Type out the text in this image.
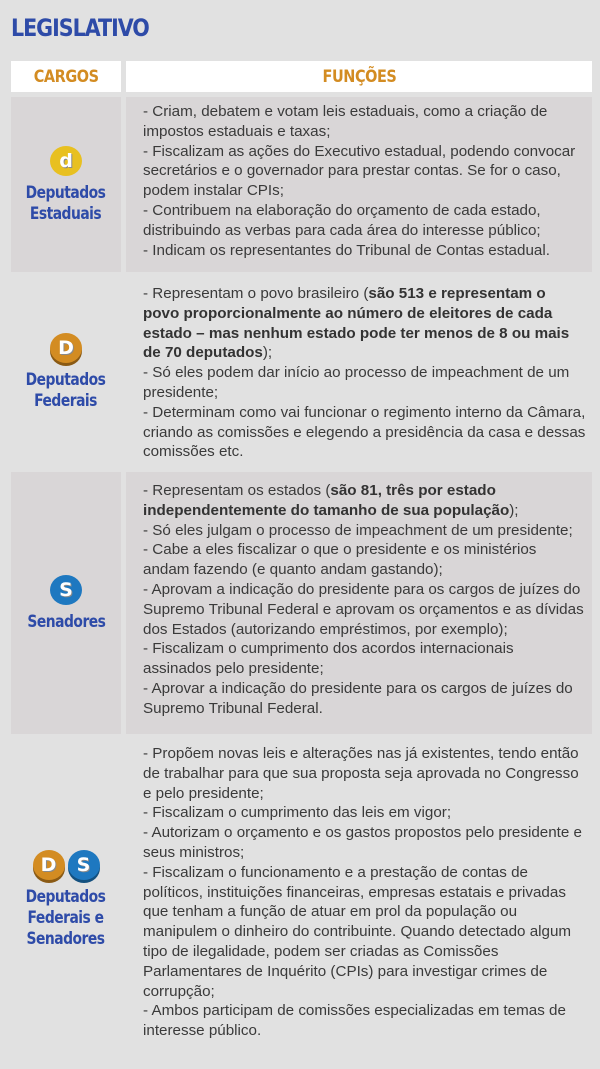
LEGISLATIVO
CARGOS	FUNÇÕES
d
Deputados
Estaduais

- Criam, debatem e votam leis estaduais, como a criação de impostos estaduais e taxas;

- Fiscalizam as ações do Executivo estadual, podendo convocar secretários e o governador para prestar contas. Se for o caso, podem instalar CPIs;

- Contribuem na elaboração do orçamento de cada estado, distribuindo as verbas para cada área do interesse público;

- Indicam os representantes do Tribunal de Contas estadual.

D
Deputados
Federais

- Representam o povo brasileiro (são 513 e representam o povo proporcionalmente ao número de eleitores de cada estado – mas nenhum estado pode ter menos de 8 ou mais de 70 deputados);

- Só eles podem dar início ao processo de impeachment de um presidente;

- Determinam como vai funcionar o regimento interno da Câmara, criando as comissões e elegendo a presidência da casa e dessas comissões etc.

S
Senadores

- Representam os estados (são 81, três por estado independentemente do tamanho de sua população);

- Só eles julgam o processo de impeachment de um presidente;

- Cabe a eles fiscalizar o que o presidente e os ministérios andam fazendo (e quanto andam gastando);

- Aprovam a indicação do presidente para os cargos de juízes do Supremo Tribunal Federal e aprovam os orçamentos e as dívidas dos Estados (autorizando empréstimos, por exemplo);

- Fiscalizam o cumprimento dos acordos internacionais assinados pelo presidente;

- Aprovar a indicação do presidente para os cargos de juízes do Supremo Tribunal Federal.

D S
Deputados
Federais e
Senadores

- Propõem novas leis e alterações nas já existentes, tendo então de trabalhar para que sua proposta seja aprovada no Congresso e pelo presidente;

- Fiscalizam o cumprimento das leis em vigor;

- Autorizam o orçamento e os gastos propostos pelo presidente e seus ministros;

- Fiscalizam o funcionamento e a prestação de contas de políticos, instituições financeiras, empresas estatais e privadas que tenham a função de atuar em prol da população ou manipulem o dinheiro do contribuinte. Quando detectado algum tipo de ilegalidade, podem ser criadas as Comissões Parlamentares de Inquérito (CPIs) para investigar crimes de corrupção;

- Ambos participam de comissões especializadas em temas de interesse público.
